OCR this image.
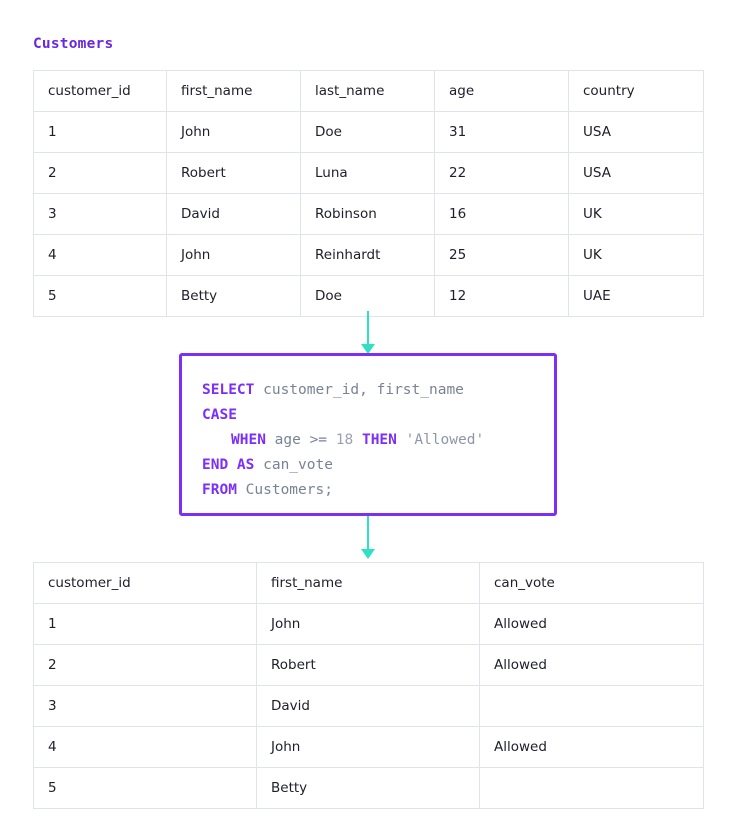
Customers
customer_id	first_name	last_name	age	country
1	John	Doe	31	USA
2	Robert	Luna	22	USA
3	David	Robinson	16	UK
4	John	Reinhardt	25	UK
5	Betty	Doe	12	UAE
SELECT customer_id, first_name
CASE
WHEN age >= 18 THEN 'Allowed'
END AS can_vote
FROM Customers;
customer_id	first_name	can_vote
1	John	Allowed
2	Robert	Allowed
3	David	
4	John	Allowed
5	Betty	
